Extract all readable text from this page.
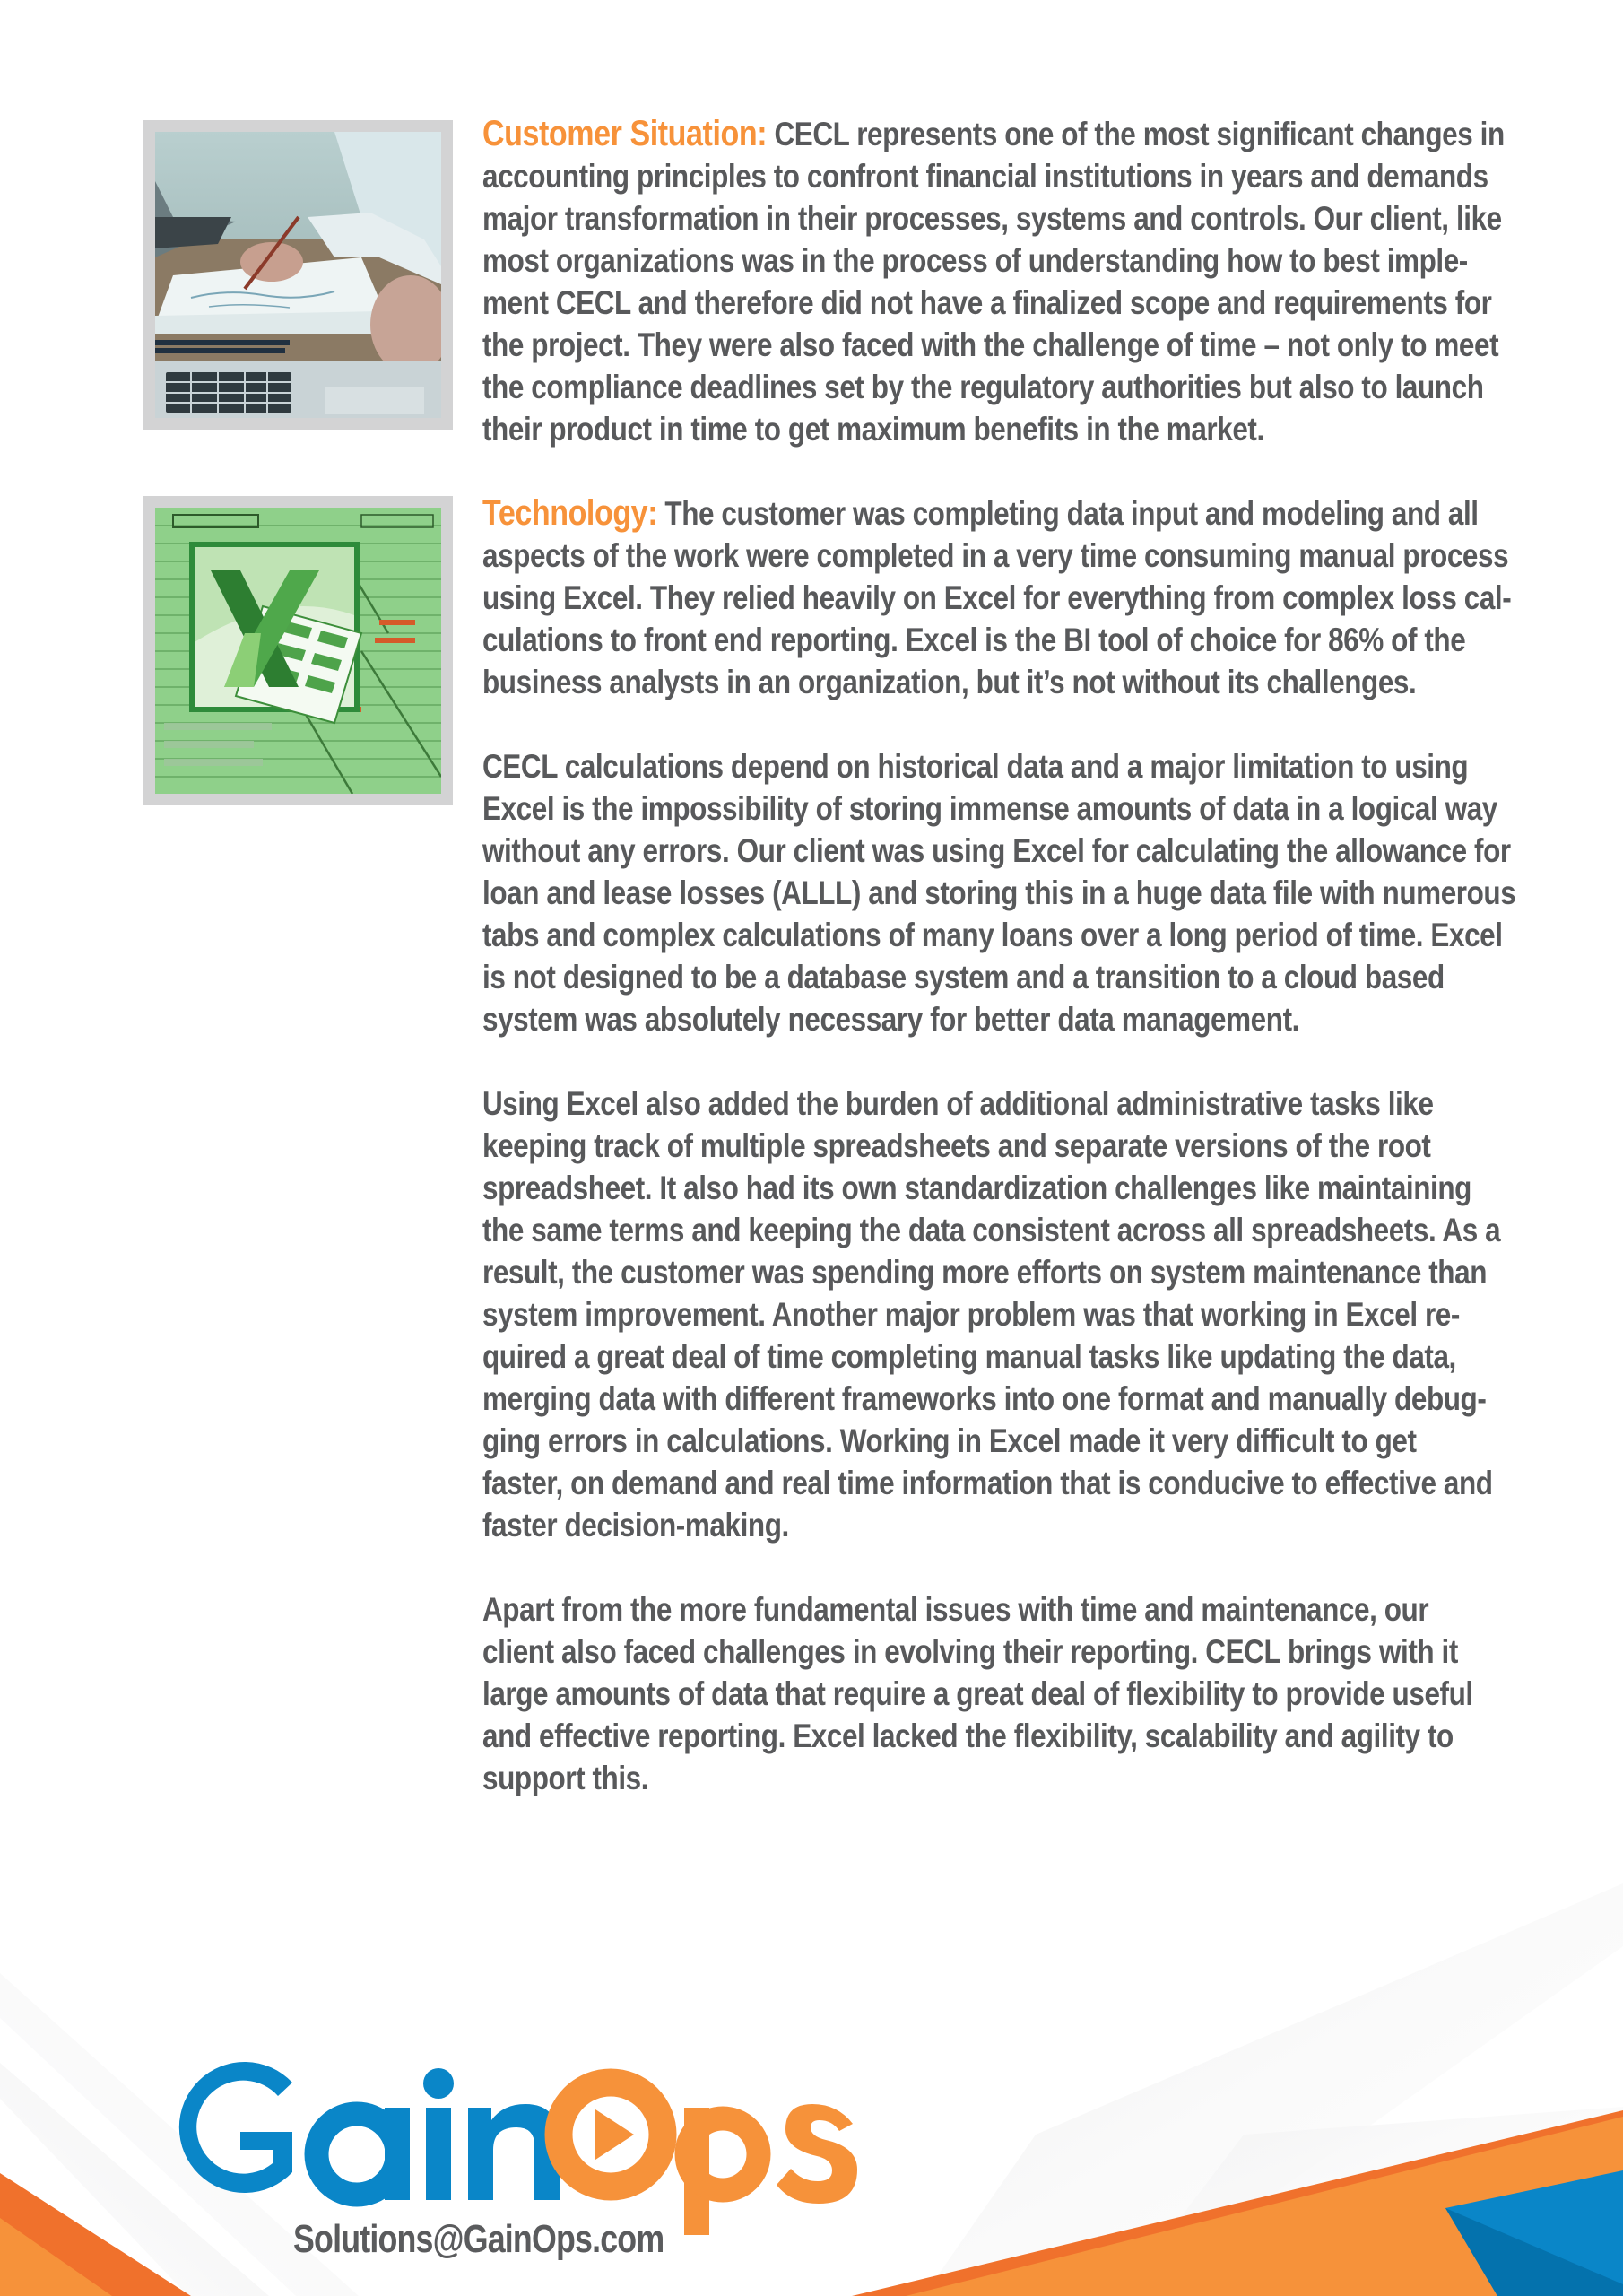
Customer Situation: CECL represents one of the most significant changes in
accounting principles to confront financial institutions in years and demands
major transformation in their processes, systems and controls. Our client, like
most organizations was in the process of understanding how to best imple-
ment CECL and therefore did not have a finalized scope and requirements for
the project. They were also faced with the challenge of time – not only to meet
the compliance deadlines set by the regulatory authorities but also to launch
their product in time to get maximum benefits in the market.
Technology: The customer was completing data input and modeling and all
aspects of the work were completed in a very time consuming manual process
using Excel. They relied heavily on Excel for everything from complex loss cal-
culations to front end reporting. Excel is the BI tool of choice for 86% of the
business analysts in an organization, but it’s not without its challenges.
CECL calculations depend on historical data and a major limitation to using
Excel is the impossibility of storing immense amounts of data in a logical way
without any errors. Our client was using Excel for calculating the allowance for
loan and lease losses (ALLL) and storing this in a huge data file with numerous
tabs and complex calculations of many loans over a long period of time. Excel
is not designed to be a database system and a transition to a cloud based
system was absolutely necessary for better data management.
Using Excel also added the burden of additional administrative tasks like
keeping track of multiple spreadsheets and separate versions of the root
spreadsheet. It also had its own standardization challenges like maintaining
the same terms and keeping the data consistent across all spreadsheets. As a
result, the customer was spending more efforts on system maintenance than
system improvement. Another major problem was that working in Excel re-
quired a great deal of time completing manual tasks like updating the data,
merging data with different frameworks into one format and manually debug-
ging errors in calculations. Working in Excel made it very difficult to get
faster, on demand and real time information that is conducive to effective and
faster decision-making.
Apart from the more fundamental issues with time and maintenance, our
client also faced challenges in evolving their reporting. CECL brings with it
large amounts of data that require a great deal of flexibility to provide useful
and effective reporting. Excel lacked the flexibility, scalability and agility to
support this.
Solutions@GainOps.com
